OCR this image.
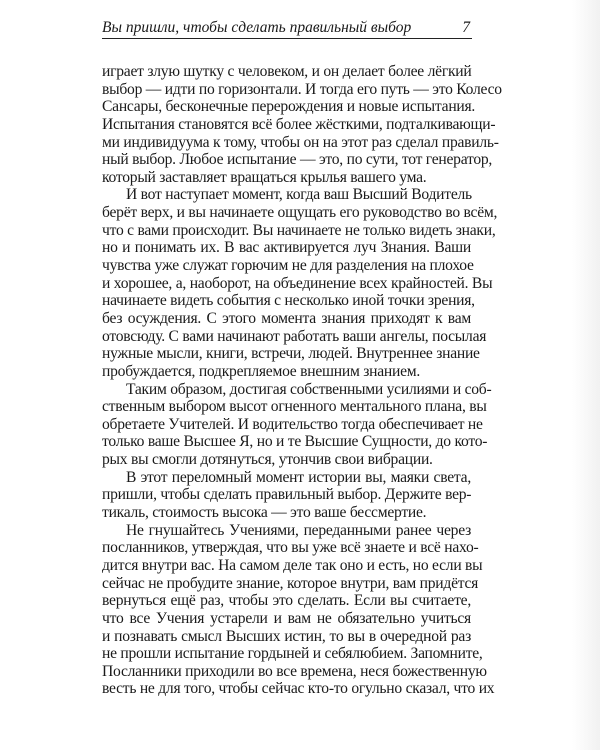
Вы пришли, чтобы сделать правильный выбор	7
играет злую шутку с человеком, и он делает более лёгкий
выбор — идти по горизонтали. И тогда его путь — это Колесо
Сансары, бесконечные перерождения и новые испытания.
Испытания становятся всё более жёсткими, подталкивающи-
ми индивидуума к тому, чтобы он на этот раз сделал правиль-
ный выбор. Любое испытание — это, по сути, тот генератор,
который заставляет вращаться крылья вашего ума.
И вот наступает момент, когда ваш Высший Водитель
берёт верх, и вы начинаете ощущать его руководство во всём,
что с вами происходит. Вы начинаете не только видеть знаки,
но и понимать их. В вас активируется луч Знания. Ваши
чувства уже служат горючим не для разделения на плохое
и хорошее, а, наоборот, на объединение всех крайностей. Вы
начинаете видеть события с несколько иной точки зрения,
без осуждения. С этого момента знания приходят к вам
отовсюду. С вами начинают работать ваши ангелы, посылая
нужные мысли, книги, встречи, людей. Внутреннее знание
пробуждается, подкрепляемое внешним знанием.
Таким образом, достигая собственными усилиями и соб-
ственным выбором высот огненного ментального плана, вы
обретаете Учителей. И водительство тогда обеспечивает не
только ваше Высшее Я, но и те Высшие Сущности, до кото-
рых вы смогли дотянуться, утончив свои вибрации.
В этот переломный момент истории вы, маяки света,
пришли, чтобы сделать правильный выбор. Держите вер-
тикаль, стоимость высока — это ваше бессмертие.
Не гнушайтесь Учениями, переданными ранее через
посланников, утверждая, что вы уже всё знаете и всё нахо-
дится внутри вас. На самом деле так оно и есть, но если вы
сейчас не пробудите знание, которое внутри, вам придётся
вернуться ещё раз, чтобы это сделать. Если вы считаете,
что все Учения устарели и вам не обязательно учиться
и познавать смысл Высших истин, то вы в очередной раз
не прошли испытание гордыней и себялюбием. Запомните,
Посланники приходили во все времена, неся божественную
весть не для того, чтобы сейчас кто-то огульно сказал, что их
